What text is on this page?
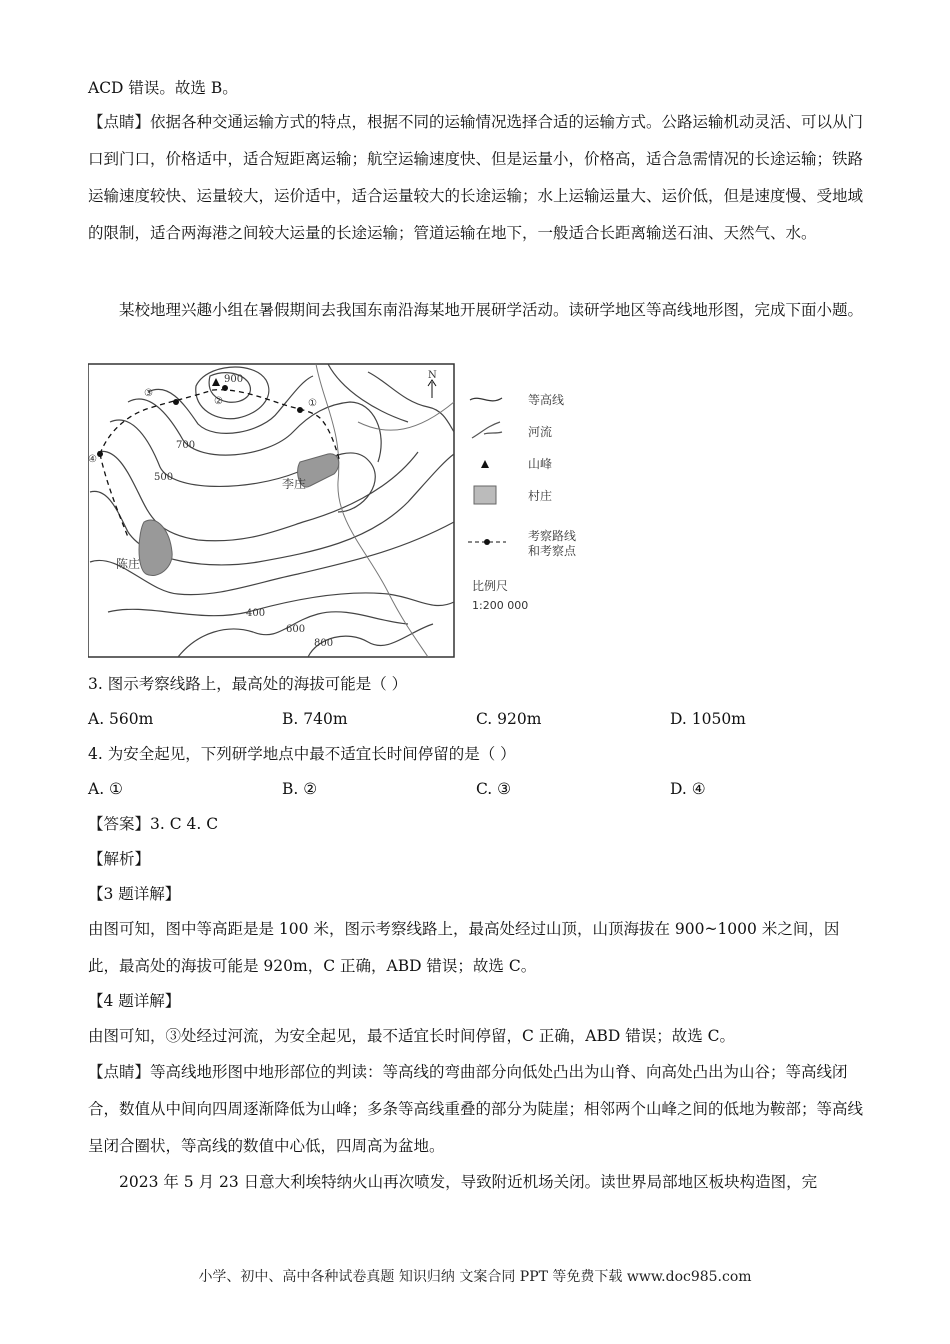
ACD 错误。故选 B。

【点睛】依据各种交通运输方式的特点，根据不同的运输情况选择合适的运输方式。公路运输机动灵活、可以从门口到门口，价格适中，适合短距离运输；航空运输速度快、但是运量小，价格高，适合急需情况的长途运输；铁路运输速度较快、运量较大，运价适中，适合运量较大的长途运输；水上运输运量大、运价低，但是速度慢、受地域的限制，适合两海港之间较大运量的长途运输；管道运输在地下，一般适合长距离输送石油、天然气、水。

某校地理兴趣小组在暑假期间去我国东南沿海某地开展研学活动。读研学地区等高线地形图，完成下面小题。

①
②
③
④
900
700
500
400
600
800
N
李庄
陈庄
等高线
河流
山峰
村庄
考察路线
和考察点
比例尺
1:200 000

3. 图示考察线路上，最高处的海拔可能是（ ）

A. 560m	B. 740m	C. 920m	D. 1050m

4. 为安全起见，下列研学地点中最不适宜长时间停留的是（ ）

A. ①	B. ②	C. ③	D. ④

【答案】3. C 4. C

【解析】

【3 题详解】

由图可知，图中等高距是是 100 米，图示考察线路上，最高处经过山顶，山顶海拔在 900~1000 米之间，因此，最高处的海拔可能是 920m，C 正确，ABD 错误；故选 C。

【4 题详解】

由图可知，③处经过河流，为安全起见，最不适宜长时间停留，C 正确，ABD 错误；故选 C。

【点睛】等高线地形图中地形部位的判读：等高线的弯曲部分向低处凸出为山脊、向高处凸出为山谷；等高线闭合，数值从中间向四周逐渐降低为山峰；多条等高线重叠的部分为陡崖；相邻两个山峰之间的低地为鞍部；等高线呈闭合圈状，等高线的数值中心低，四周高为盆地。

2023 年 5 月 23 日意大利埃特纳火山再次喷发，导致附近机场关闭。读世界局部地区板块构造图，完

小学、初中、高中各种试卷真题 知识归纳 文案合同 PPT 等免费下载 www.doc985.com
